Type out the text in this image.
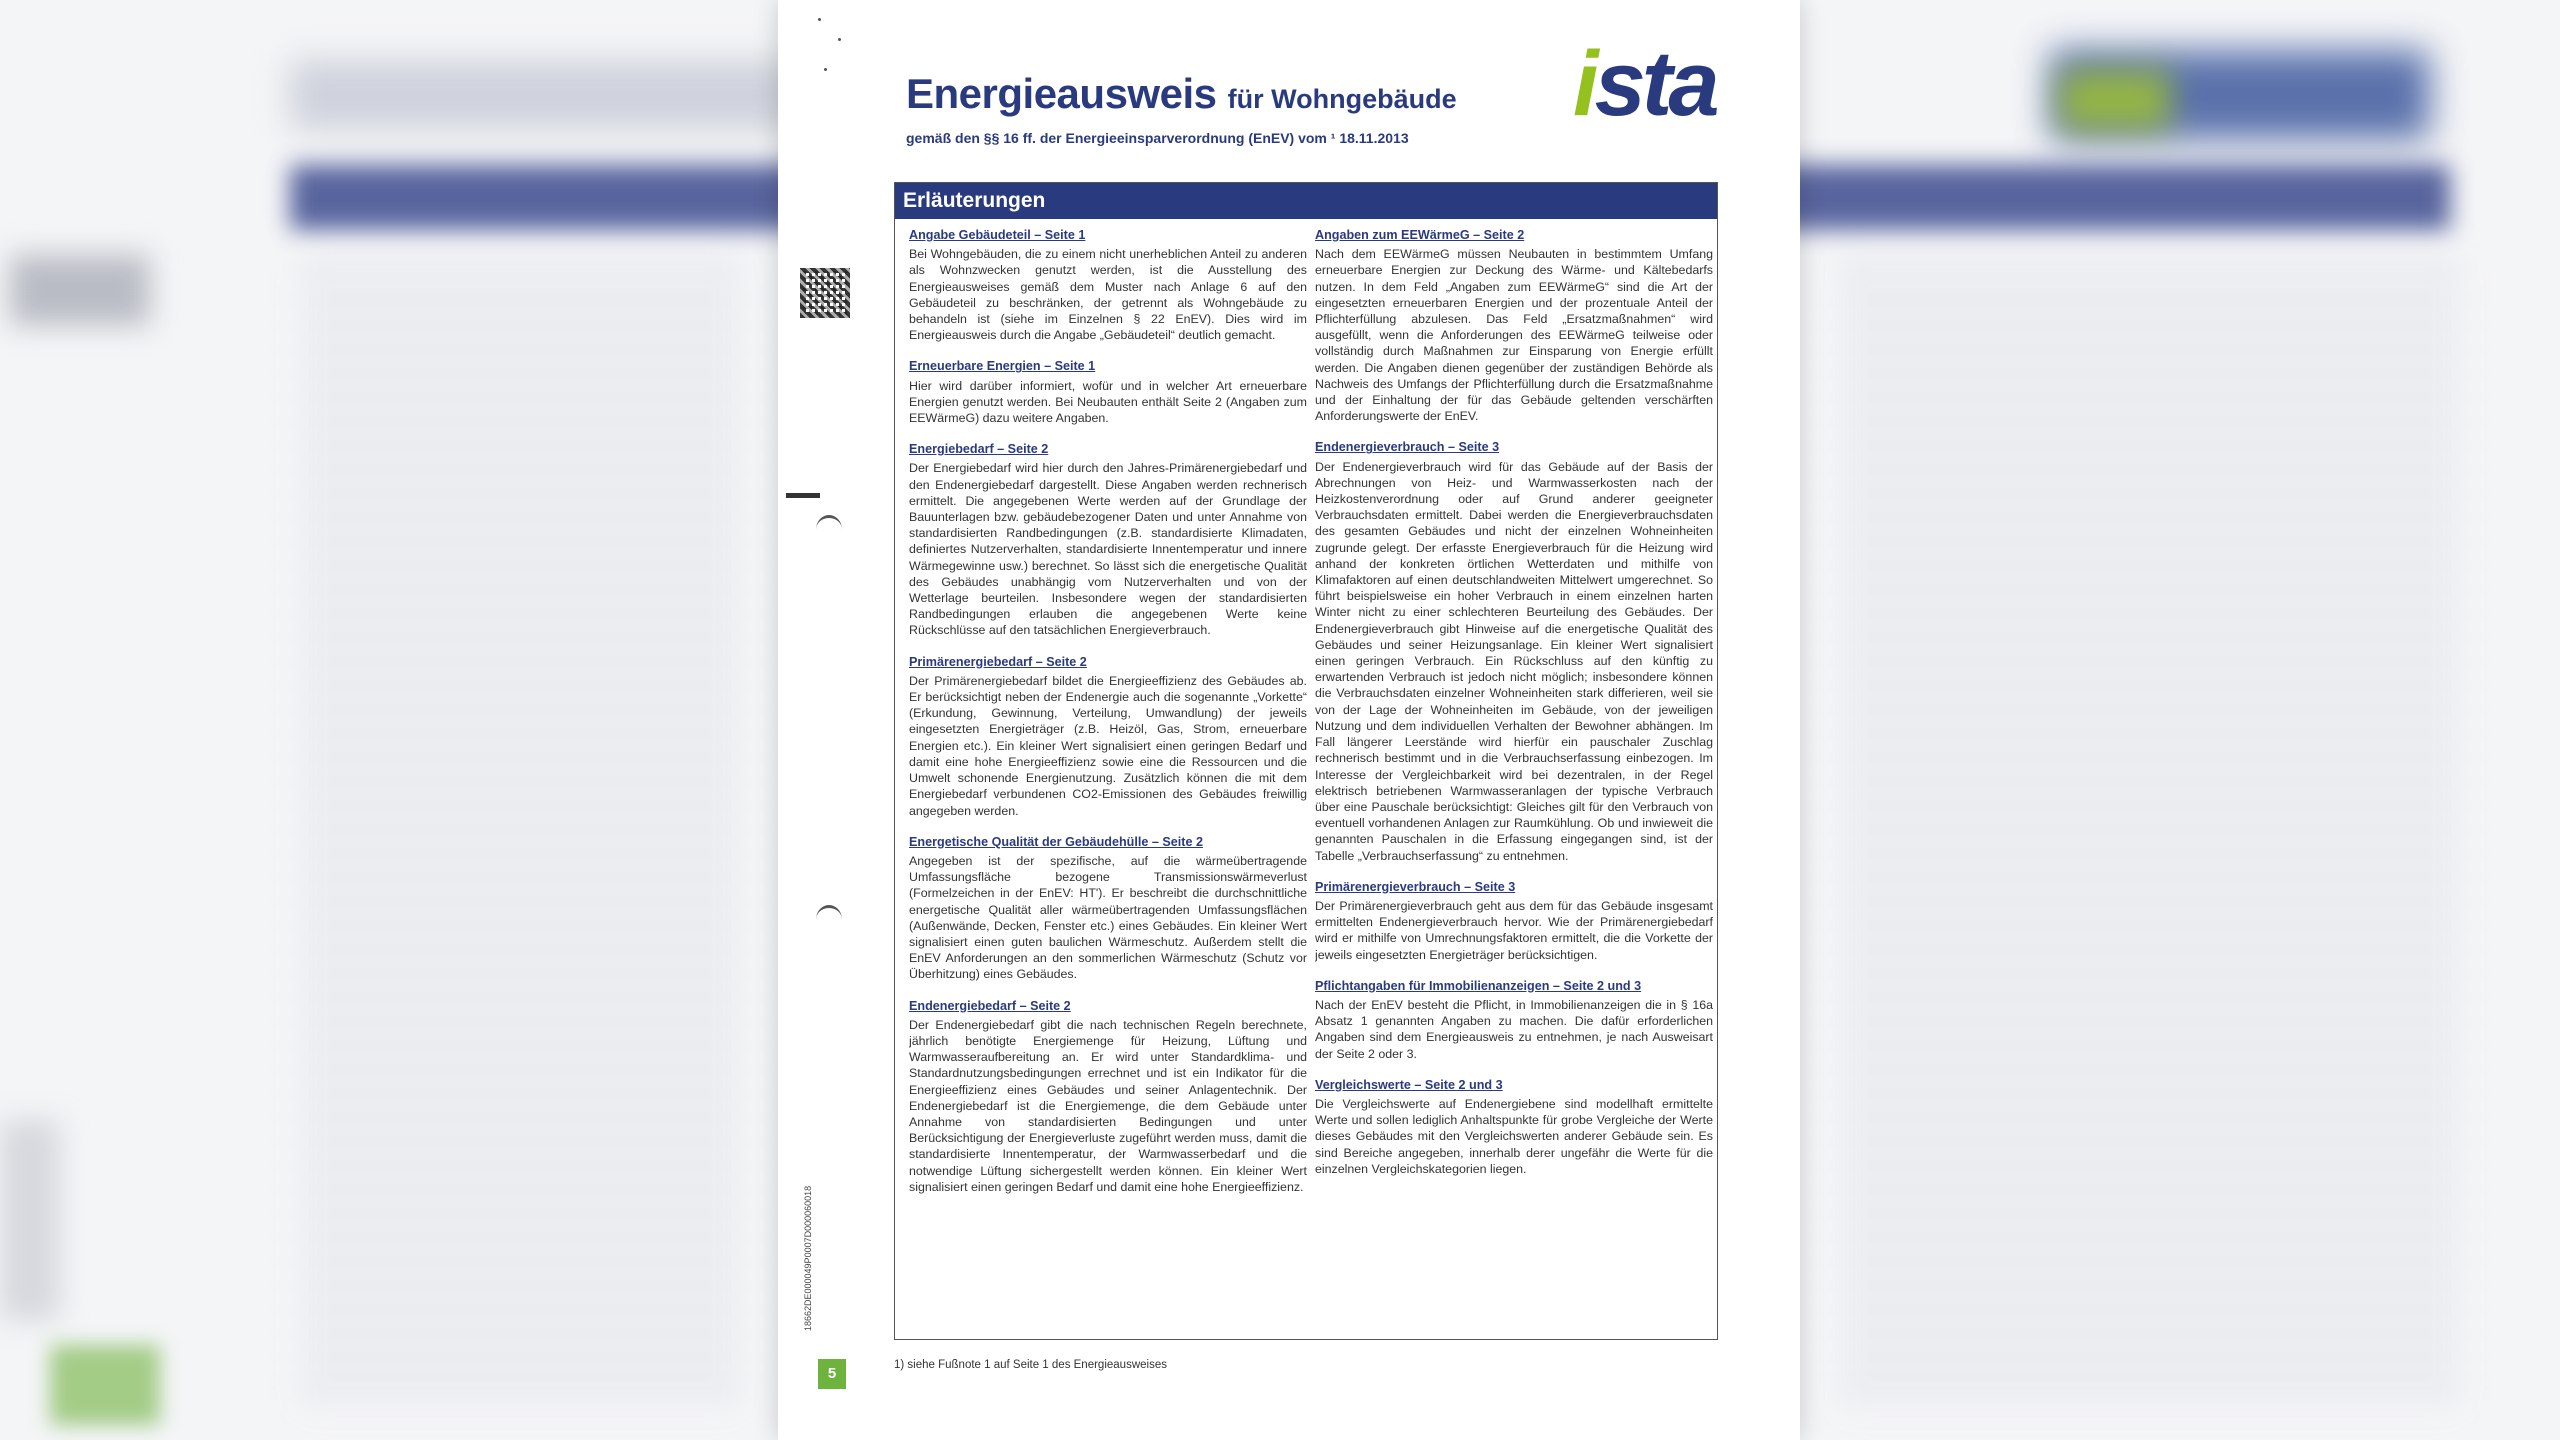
Energieausweis für Wohngebäude
gemäß den §§ 16 ff. der Energieeinsparverordnung (EnEV) vom ¹ 18.11.2013
ista
18662DE000049P0007D000060018
Erläuterungen

Angabe Gebäudeteil – Seite 1

Bei Wohngebäuden, die zu einem nicht unerheblichen Anteil zu anderen als Wohnzwecken genutzt werden, ist die Ausstellung des Energieausweises gemäß dem Muster nach Anlage 6 auf den Gebäudeteil zu beschränken, der getrennt als Wohngebäude zu behandeln ist (siehe im Einzelnen § 22 EnEV). Dies wird im Energieausweis durch die Angabe „Gebäudeteil“ deutlich gemacht.

Erneuerbare Energien – Seite 1

Hier wird darüber informiert, wofür und in welcher Art erneuerbare Energien genutzt werden. Bei Neubauten enthält Seite 2 (Angaben zum EEWärmeG) dazu weitere Angaben.

Energiebedarf – Seite 2

Der Energiebedarf wird hier durch den Jahres-Primärenergiebedarf und den Endenergiebedarf dargestellt. Diese Angaben werden rechnerisch ermittelt. Die angegebenen Werte werden auf der Grundlage der Bauunterlagen bzw. gebäudebezogener Daten und unter Annahme von standardisierten Randbedingungen (z.B. standardisierte Klimadaten, definiertes Nutzerverhalten, standardisierte Innentemperatur und innere Wärmegewinne usw.) berechnet. So lässt sich die energetische Qualität des Gebäudes unabhängig vom Nutzerverhalten und von der Wetterlage beurteilen. Insbesondere wegen der standardisierten Randbedingungen erlauben die angegebenen Werte keine Rückschlüsse auf den tatsächlichen Energieverbrauch.

Primärenergiebedarf – Seite 2

Der Primärenergiebedarf bildet die Energieeffizienz des Gebäudes ab. Er berücksichtigt neben der Endenergie auch die sogenannte „Vorkette“ (Erkundung, Gewinnung, Verteilung, Umwandlung) der jeweils eingesetzten Energieträger (z.B. Heizöl, Gas, Strom, erneuerbare Energien etc.). Ein kleiner Wert signalisiert einen geringen Bedarf und damit eine hohe Energieeffizienz sowie eine die Ressourcen und die Umwelt schonende Energienutzung. Zusätzlich können die mit dem Energiebedarf verbundenen CO2-Emissionen des Gebäudes freiwillig angegeben werden.

Energetische Qualität der Gebäudehülle – Seite 2

Angegeben ist der spezifische, auf die wärmeübertragende Umfassungsfläche bezogene Transmissionswärmeverlust (Formelzeichen in der EnEV: HT'). Er beschreibt die durchschnittliche energetische Qualität aller wärmeübertragenden Umfassungsflächen (Außenwände, Decken, Fenster etc.) eines Gebäudes. Ein kleiner Wert signalisiert einen guten baulichen Wärmeschutz. Außerdem stellt die EnEV Anforderungen an den sommerlichen Wärmeschutz (Schutz vor Überhitzung) eines Gebäudes.

Endenergiebedarf – Seite 2

Der Endenergiebedarf gibt die nach technischen Regeln berechnete, jährlich benötigte Energiemenge für Heizung, Lüftung und Warmwasseraufbereitung an. Er wird unter Standardklima- und Standardnutzungsbedingungen errechnet und ist ein Indikator für die Energieeffizienz eines Gebäudes und seiner Anlagentechnik. Der Endenergiebedarf ist die Energiemenge, die dem Gebäude unter Annahme von standardisierten Bedingungen und unter Berücksichtigung der Energieverluste zugeführt werden muss, damit die standardisierte Innentemperatur, der Warmwasserbedarf und die notwendige Lüftung sichergestellt werden können. Ein kleiner Wert signalisiert einen geringen Bedarf und damit eine hohe Energieeffizienz.

Angaben zum EEWärmeG – Seite 2

Nach dem EEWärmeG müssen Neubauten in bestimmtem Umfang erneuerbare Energien zur Deckung des Wärme- und Kältebedarfs nutzen. In dem Feld „Angaben zum EEWärmeG“ sind die Art der eingesetzten erneuerbaren Energien und der prozentuale Anteil der Pflichterfüllung abzulesen. Das Feld „Ersatzmaßnahmen“ wird ausgefüllt, wenn die Anforderungen des EEWärmeG teilweise oder vollständig durch Maßnahmen zur Einsparung von Energie erfüllt werden. Die Angaben dienen gegenüber der zuständigen Behörde als Nachweis des Umfangs der Pflichterfüllung durch die Ersatzmaßnahme und der Einhaltung der für das Gebäude geltenden verschärften Anforderungswerte der EnEV.

Endenergieverbrauch – Seite 3

Der Endenergieverbrauch wird für das Gebäude auf der Basis der Abrechnungen von Heiz- und Warmwasserkosten nach der Heizkostenverordnung oder auf Grund anderer geeigneter Verbrauchsdaten ermittelt. Dabei werden die Energieverbrauchsdaten des gesamten Gebäudes und nicht der einzelnen Wohneinheiten zugrunde gelegt. Der erfasste Energieverbrauch für die Heizung wird anhand der konkreten örtlichen Wetterdaten und mithilfe von Klimafaktoren auf einen deutschlandweiten Mittelwert umgerechnet. So führt beispielsweise ein hoher Verbrauch in einem einzelnen harten Winter nicht zu einer schlechteren Beurteilung des Gebäudes. Der Endenergieverbrauch gibt Hinweise auf die energetische Qualität des Gebäudes und seiner Heizungsanlage. Ein kleiner Wert signalisiert einen geringen Verbrauch. Ein Rückschluss auf den künftig zu erwartenden Verbrauch ist jedoch nicht möglich; insbesondere können die Verbrauchsdaten einzelner Wohneinheiten stark differieren, weil sie von der Lage der Wohneinheiten im Gebäude, von der jeweiligen Nutzung und dem individuellen Verhalten der Bewohner abhängen. Im Fall längerer Leerstände wird hierfür ein pauschaler Zuschlag rechnerisch bestimmt und in die Verbrauchserfassung einbezogen. Im Interesse der Vergleichbarkeit wird bei dezentralen, in der Regel elektrisch betriebenen Warmwasseranlagen der typische Verbrauch über eine Pauschale berücksichtigt: Gleiches gilt für den Verbrauch von eventuell vorhandenen Anlagen zur Raumkühlung. Ob und inwieweit die genannten Pauschalen in die Erfassung eingegangen sind, ist der Tabelle „Verbrauchserfassung“ zu entnehmen.

Primärenergieverbrauch – Seite 3

Der Primärenergieverbrauch geht aus dem für das Gebäude insgesamt ermittelten Endenergieverbrauch hervor. Wie der Primärenergiebedarf wird er mithilfe von Umrechnungsfaktoren ermittelt, die die Vorkette der jeweils eingesetzten Energieträger berücksichtigen.

Pflichtangaben für Immobilienanzeigen – Seite 2 und 3

Nach der EnEV besteht die Pflicht, in Immobilienanzeigen die in § 16a Absatz 1 genannten Angaben zu machen. Die dafür erforderlichen Angaben sind dem Energieausweis zu entnehmen, je nach Ausweisart der Seite 2 oder 3.

Vergleichswerte – Seite 2 und 3

Die Vergleichswerte auf Endenergiebene sind modellhaft ermittelte Werte und sollen lediglich Anhaltspunkte für grobe Vergleiche der Werte dieses Gebäudes mit den Vergleichswerten anderer Gebäude sein. Es sind Bereiche angegeben, innerhalb derer ungefähr die Werte für die einzelnen Vergleichskategorien liegen.

5	1) siehe Fußnote 1 auf Seite 1 des Energieausweises
